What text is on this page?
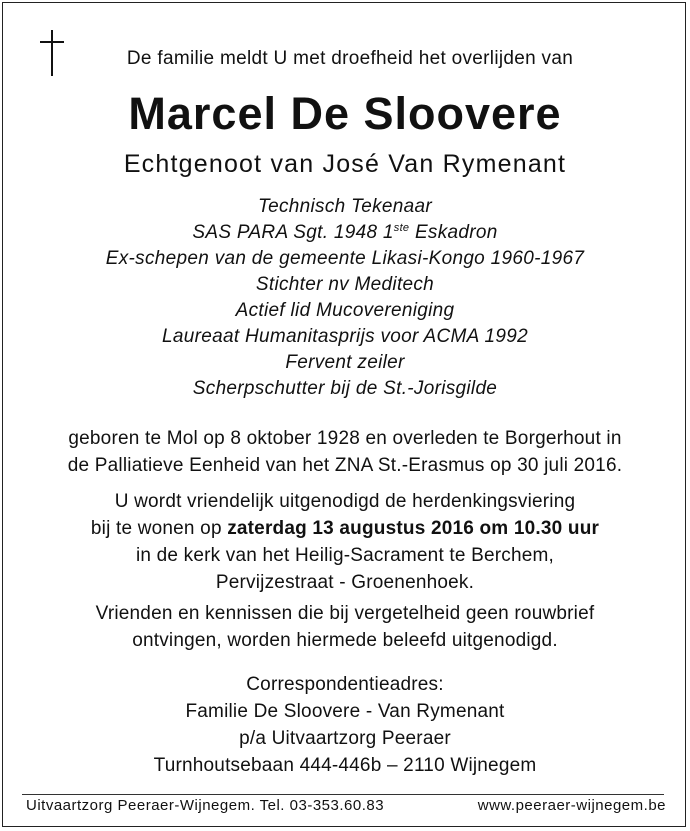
De familie meldt U met droefheid het overlijden van
Marcel De Sloovere
Echtgenoot van José Van Rymenant
Technisch Tekenaar
SAS PARA Sgt. 1948 1ste Eskadron
Ex-schepen van de gemeente Likasi-Kongo 1960-1967
Stichter nv Meditech
Actief lid Mucovereniging
Laureaat Humanitasprijs voor ACMA 1992
Fervent zeiler
Scherpschutter bij de St.-Jorisgilde
geboren te Mol op 8 oktober 1928 en overleden te Borgerhout in
de Palliatieve Eenheid van het ZNA St.-Erasmus op 30 juli 2016.
U wordt vriendelijk uitgenodigd de herdenkingsviering
bij te wonen op zaterdag 13 augustus 2016 om 10.30 uur
in de kerk van het Heilig-Sacrament te Berchem,
Pervijzestraat - Groenenhoek.
Vrienden en kennissen die bij vergetelheid geen rouwbrief
ontvingen, worden hiermede beleefd uitgenodigd.
Correspondentieadres:
Familie De Sloovere - Van Rymenant
p/a Uitvaartzorg Peeraer
Turnhoutsebaan 444-446b – 2110 Wijnegem
Uitvaartzorg Peeraer-Wijnegem. Tel. 03-353.60.83	www.peeraer-wijnegem.be
